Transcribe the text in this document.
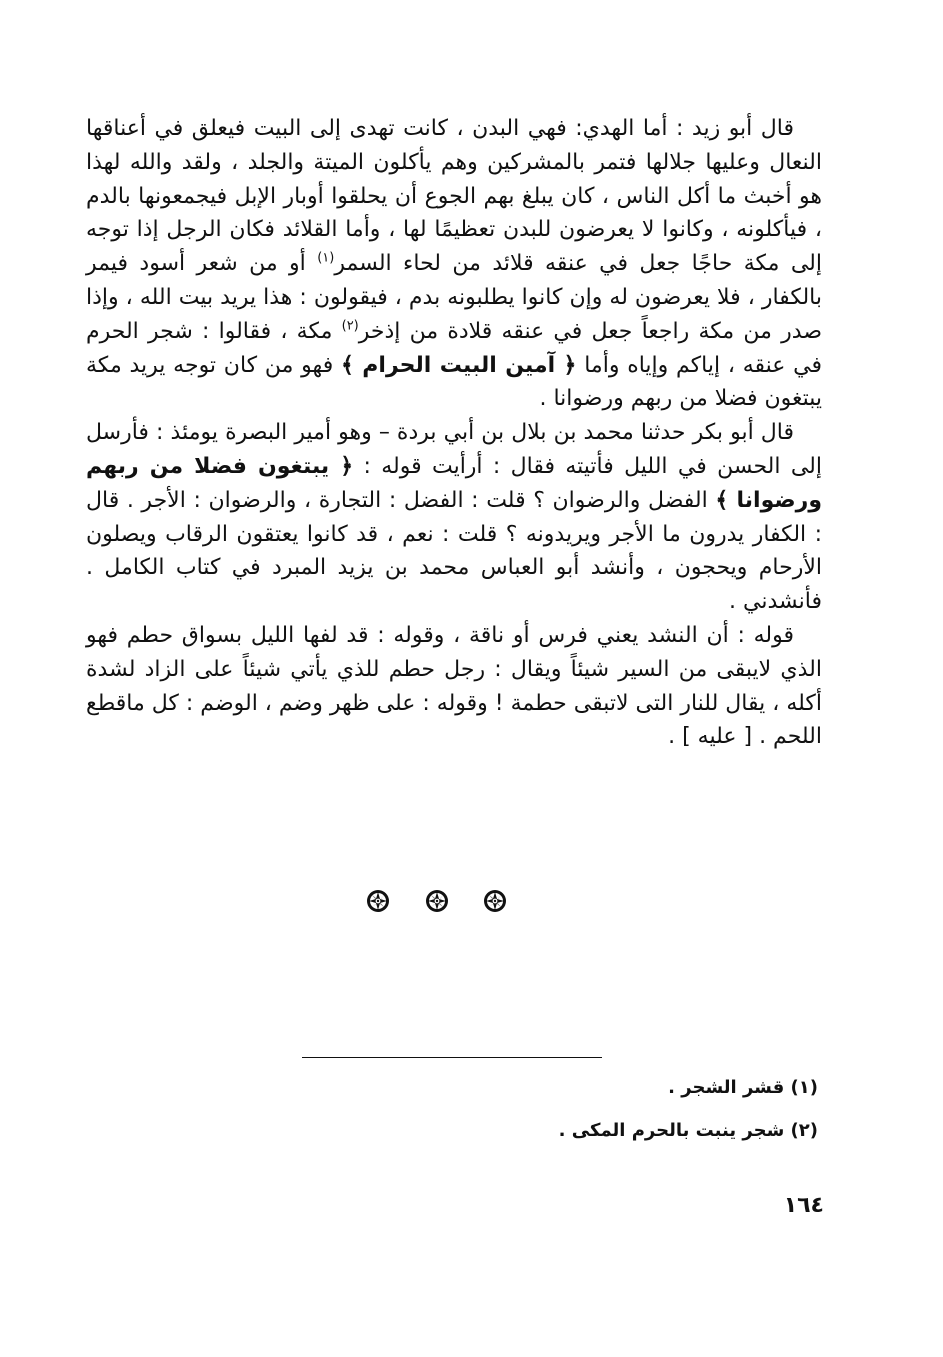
قال أبو زيد : أما الهدي: فهي البدن ، كانت تهدى إلى البيت فيعلق في أعناقها النعال وعليها جلالها فتمر بالمشركين وهم يأكلون الميتة والجلد ، ولقد والله لهذا هو أخبث ما أكل الناس ، كان يبلغ بهم الجوع أن يحلقوا أوبار الإبل فيجمعونها بالدم ، فيأكلونه ، وكانوا لا يعرضون للبدن تعظيمًا لها ، وأما القلائد فكان الرجل إذا توجه إلى مكة حاجًا جعل في عنقه قلائد من لحاء السمر$^{(١)}$ أو من شعر أسود فيمر بالكفار ، فلا يعرضون له وإن كانوا يطلبونه بدم ، فيقولون : هذا يريد بيت الله ، وإذا صدر من مكة راجعاً جعل في عنقه قلادة من إذخر$^{(٢)}$ مكة ، فقالوا : شجر الحرم في عنقه ، إياكم وإياه وأما ﴿ آمين البيت الحرام ﴾ فهو من كان توجه يريد مكة يبتغون فضلا من ربهم ورضوانا .

قال أبو بكر حدثنا محمد بن بلال بن أبي بردة – وهو أمير البصرة يومئذ : فأرسل إلى الحسن في الليل فأتيته فقال : أرأيت قوله : ﴿ يبتغون فضلا من ربهم ورضوانا ﴾ الفضل والرضوان ؟ قلت : الفضل : التجارة ، والرضوان : الأجر . قال : الكفار يدرون ما الأجر ويريدونه ؟ قلت : نعم ، قد كانوا يعتقون الرقاب ويصلون الأرحام ويحجون ، وأنشد أبو العباس محمد بن يزيد المبرد في كتاب الكامل . فأنشدني .

قوله : أن النشد يعني فرس أو ناقة ، وقوله : قد لفها الليل بسواق حطم فهو الذي لايبقى من السير شيئاً ويقال : رجل حطم للذي يأتي شيئاً على الزاد لشدة أكله ، يقال للنار التى لاتبقى حطمة ! وقوله : على ظهر وضم ، الوضم : كل ماقطع اللحم . [ عليه ] .

(١) قشر الشجر .
(٢) شجر ينبت بالحرم المكى .
١٦٤
